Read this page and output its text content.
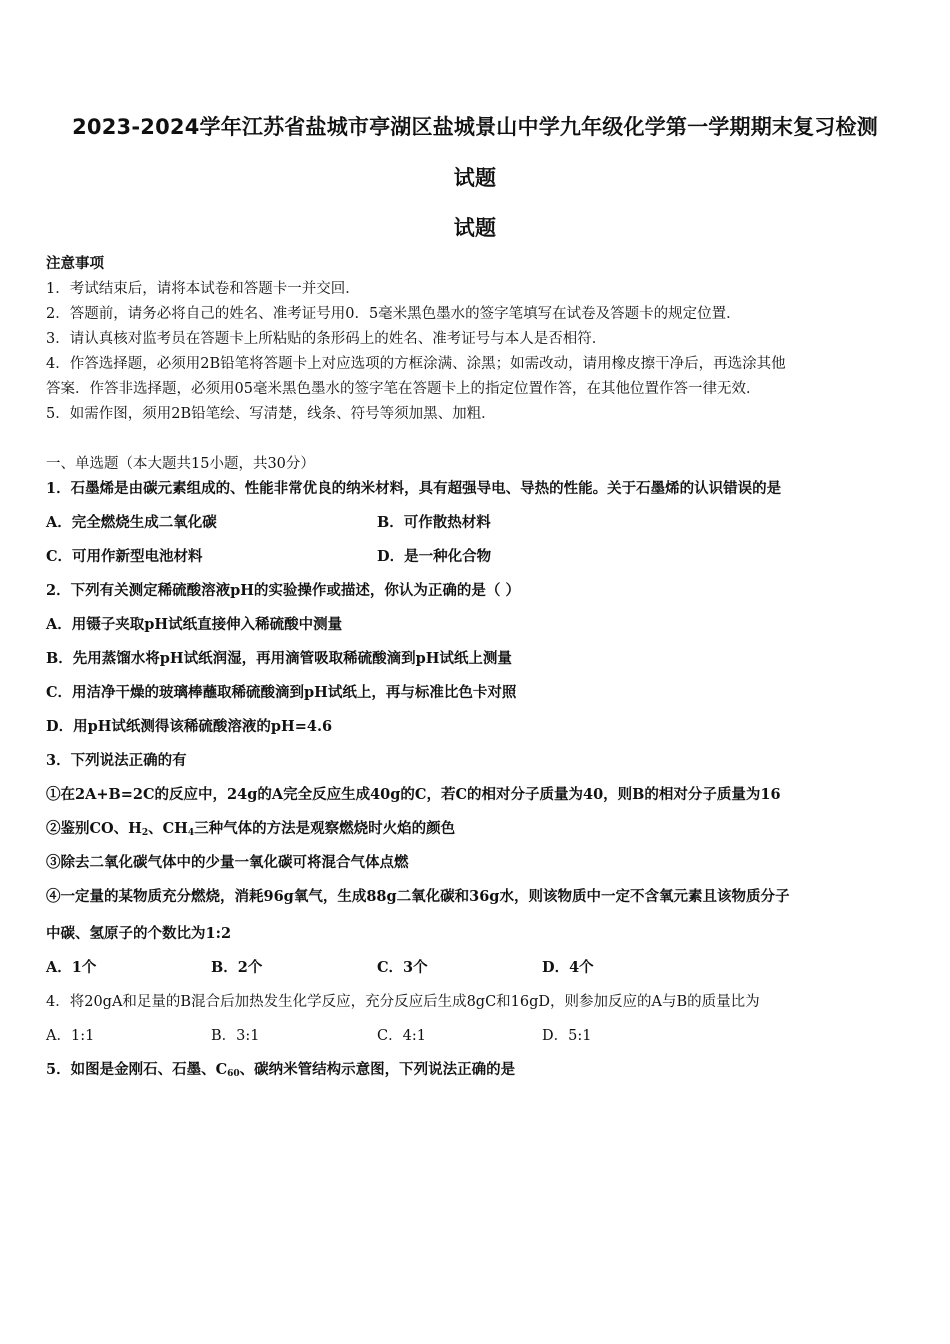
2023-2024学年江苏省盐城市亭湖区盐城景山中学九年级化学第一学期期末复习检测
试题
试题
注意事项
1．考试结束后，请将本试卷和答题卡一并交回．
2．答题前，请务必将自己的姓名、准考证号用0．5毫米黑色墨水的签字笔填写在试卷及答题卡的规定位置．
3．请认真核对监考员在答题卡上所粘贴的条形码上的姓名、准考证号与本人是否相符．
4．作答选择题，必须用2B铅笔将答题卡上对应选项的方框涂满、涂黑；如需改动，请用橡皮擦干净后，再选涂其他
答案．作答非选择题，必须用05毫米黑色墨水的签字笔在答题卡上的指定位置作答，在其他位置作答一律无效．
5．如需作图，须用2B铅笔绘、写清楚，线条、符号等须加黑、加粗．
一、单选题（本大题共15小题，共30分）
1．石墨烯是由碳元素组成的、性能非常优良的纳米材料，具有超强导电、导热的性能。关于石墨烯的认识错误的是
A．完全燃烧生成二氧化碳	B．可作散热材料
C．可用作新型电池材料	D．是一种化合物
2．下列有关测定稀硫酸溶液pH的实验操作或描述，你认为正确的是（ ）
A．用镊子夹取pH试纸直接伸入稀硫酸中测量
B．先用蒸馏水将pH试纸润湿，再用滴管吸取稀硫酸滴到pH试纸上测量
C．用洁净干燥的玻璃棒蘸取稀硫酸滴到pH试纸上，再与标准比色卡对照
D．用pH试纸测得该稀硫酸溶液的pH=4.6
3．下列说法正确的有
①在2A+B=2C的反应中，24g的A完全反应生成40g的C，若C的相对分子质量为40，则B的相对分子质量为16
②鉴别CO、$H_2$、$CH_4$三种气体的方法是观察燃烧时火焰的颜色
③除去二氧化碳气体中的少量一氧化碳可将混合气体点燃
④一定量的某物质充分燃烧，消耗96g氧气，生成88g二氧化碳和36g水，则该物质中一定不含氧元素且该物质分子
中碳、氢原子的个数比为1:2
A．1个	B．2个	C．3个	D．4个
4．将20gA和足量的B混合后加热发生化学反应，充分反应后生成8gC和16gD，则参加反应的A与B的质量比为
A．1:1	B．3:1	C．4:1	D．5:1
5．如图是金刚石、石墨、$C_{60}$、碳纳米管结构示意图，下列说法正确的是
